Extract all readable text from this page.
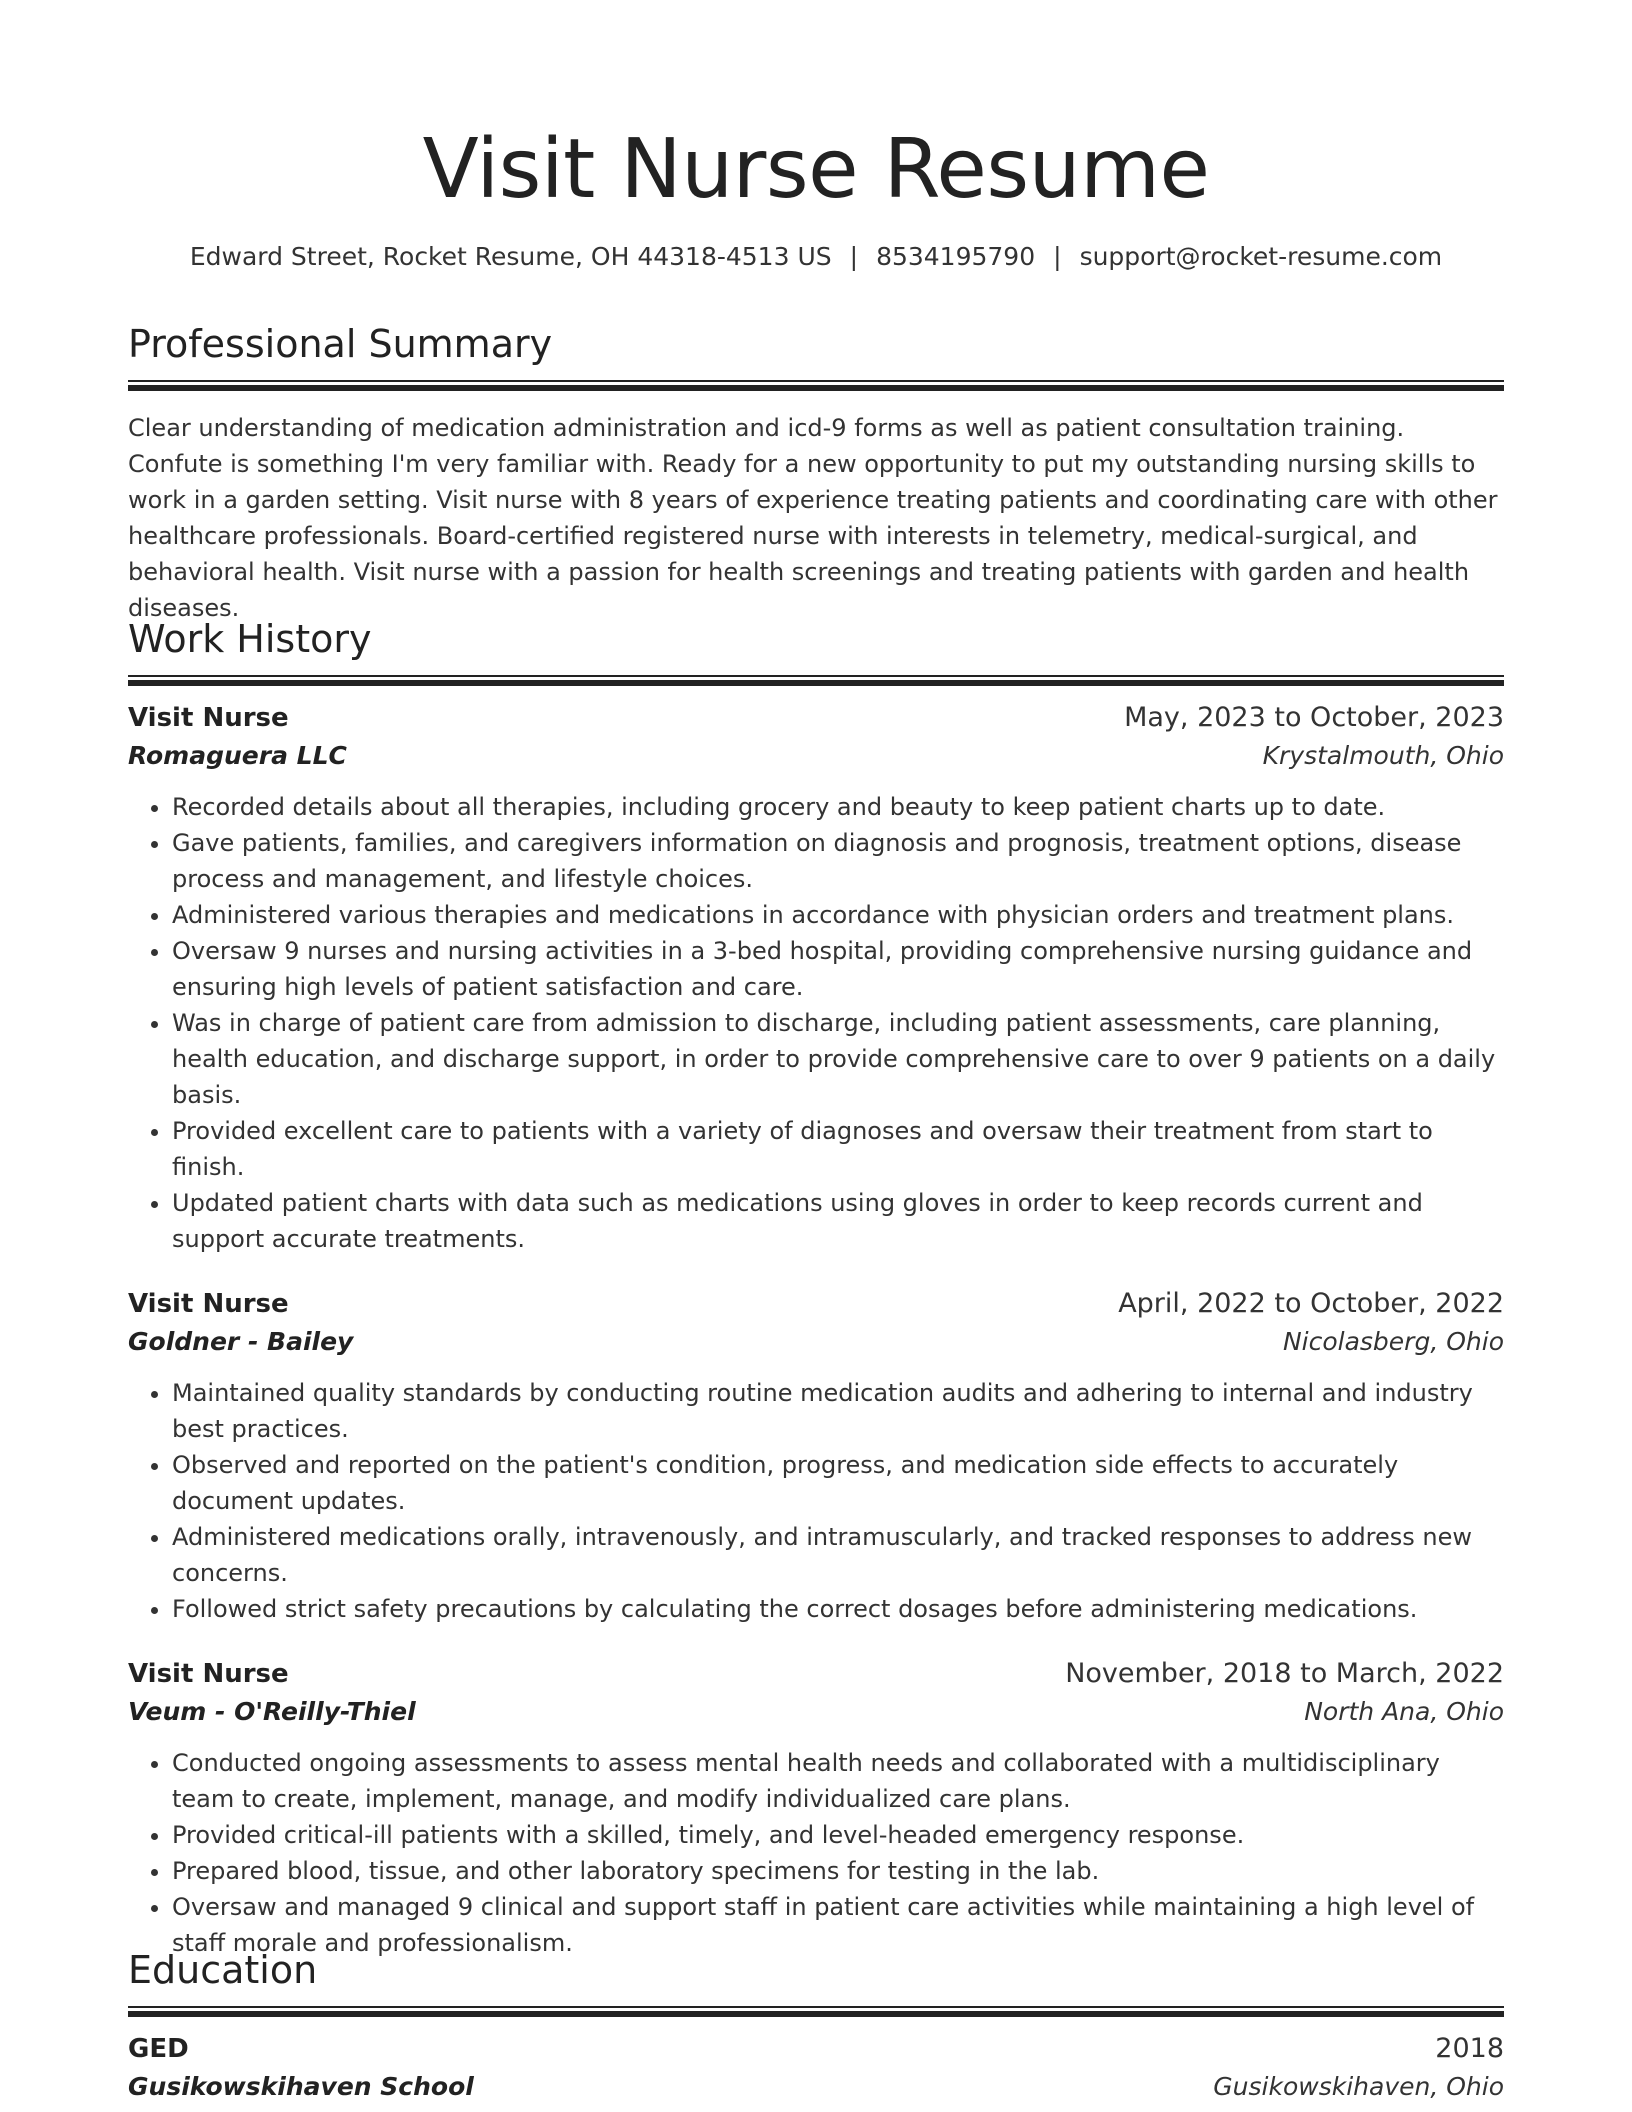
Visit Nurse Resume
Edward Street, Rocket Resume, OH 44318-4513 US | 8534195790 | support@rocket-resume.com
Professional Summary

Clear understanding of medication administration and icd-9 forms as well as patient consultation training. Confute is something I'm very familiar with. Ready for a new opportunity to put my outstanding nursing skills to work in a garden setting. Visit nurse with 8 years of experience treating patients and coordinating care with other healthcare professionals. Board-certified registered nurse with interests in telemetry, medical-surgical, and behavioral health. Visit nurse with a passion for health screenings and treating patients with garden and health diseases.

Work History
Visit Nurse	May, 2023 to October, 2023
Romaguera LLC	Krystalmouth, Ohio
• Recorded details about all therapies, including grocery and beauty to keep patient charts up to date.
• Gave patients, families, and caregivers information on diagnosis and prognosis, treatment options, disease process and management, and lifestyle choices.
• Administered various therapies and medications in accordance with physician orders and treatment plans.
• Oversaw 9 nurses and nursing activities in a 3-bed hospital, providing comprehensive nursing guidance and ensuring high levels of patient satisfaction and care.
• Was in charge of patient care from admission to discharge, including patient assessments, care planning, health education, and discharge support, in order to provide comprehensive care to over 9 patients on a daily basis.
• Provided excellent care to patients with a variety of diagnoses and oversaw their treatment from start to finish.
• Updated patient charts with data such as medications using gloves in order to keep records current and support accurate treatments.
Visit Nurse	April, 2022 to October, 2022
Goldner - Bailey	Nicolasberg, Ohio
• Maintained quality standards by conducting routine medication audits and adhering to internal and industry best practices.
• Observed and reported on the patient's condition, progress, and medication side effects to accurately document updates.
• Administered medications orally, intravenously, and intramuscularly, and tracked responses to address new concerns.
• Followed strict safety precautions by calculating the correct dosages before administering medications.
Visit Nurse	November, 2018 to March, 2022
Veum - O'Reilly-Thiel	North Ana, Ohio
• Conducted ongoing assessments to assess mental health needs and collaborated with a multidisciplinary team to create, implement, manage, and modify individualized care plans.
• Provided critical-ill patients with a skilled, timely, and level-headed emergency response.
• Prepared blood, tissue, and other laboratory specimens for testing in the lab.
• Oversaw and managed 9 clinical and support staff in patient care activities while maintaining a high level of staff morale and professionalism.
Education
GED	2018
Gusikowskihaven School	Gusikowskihaven, Ohio
